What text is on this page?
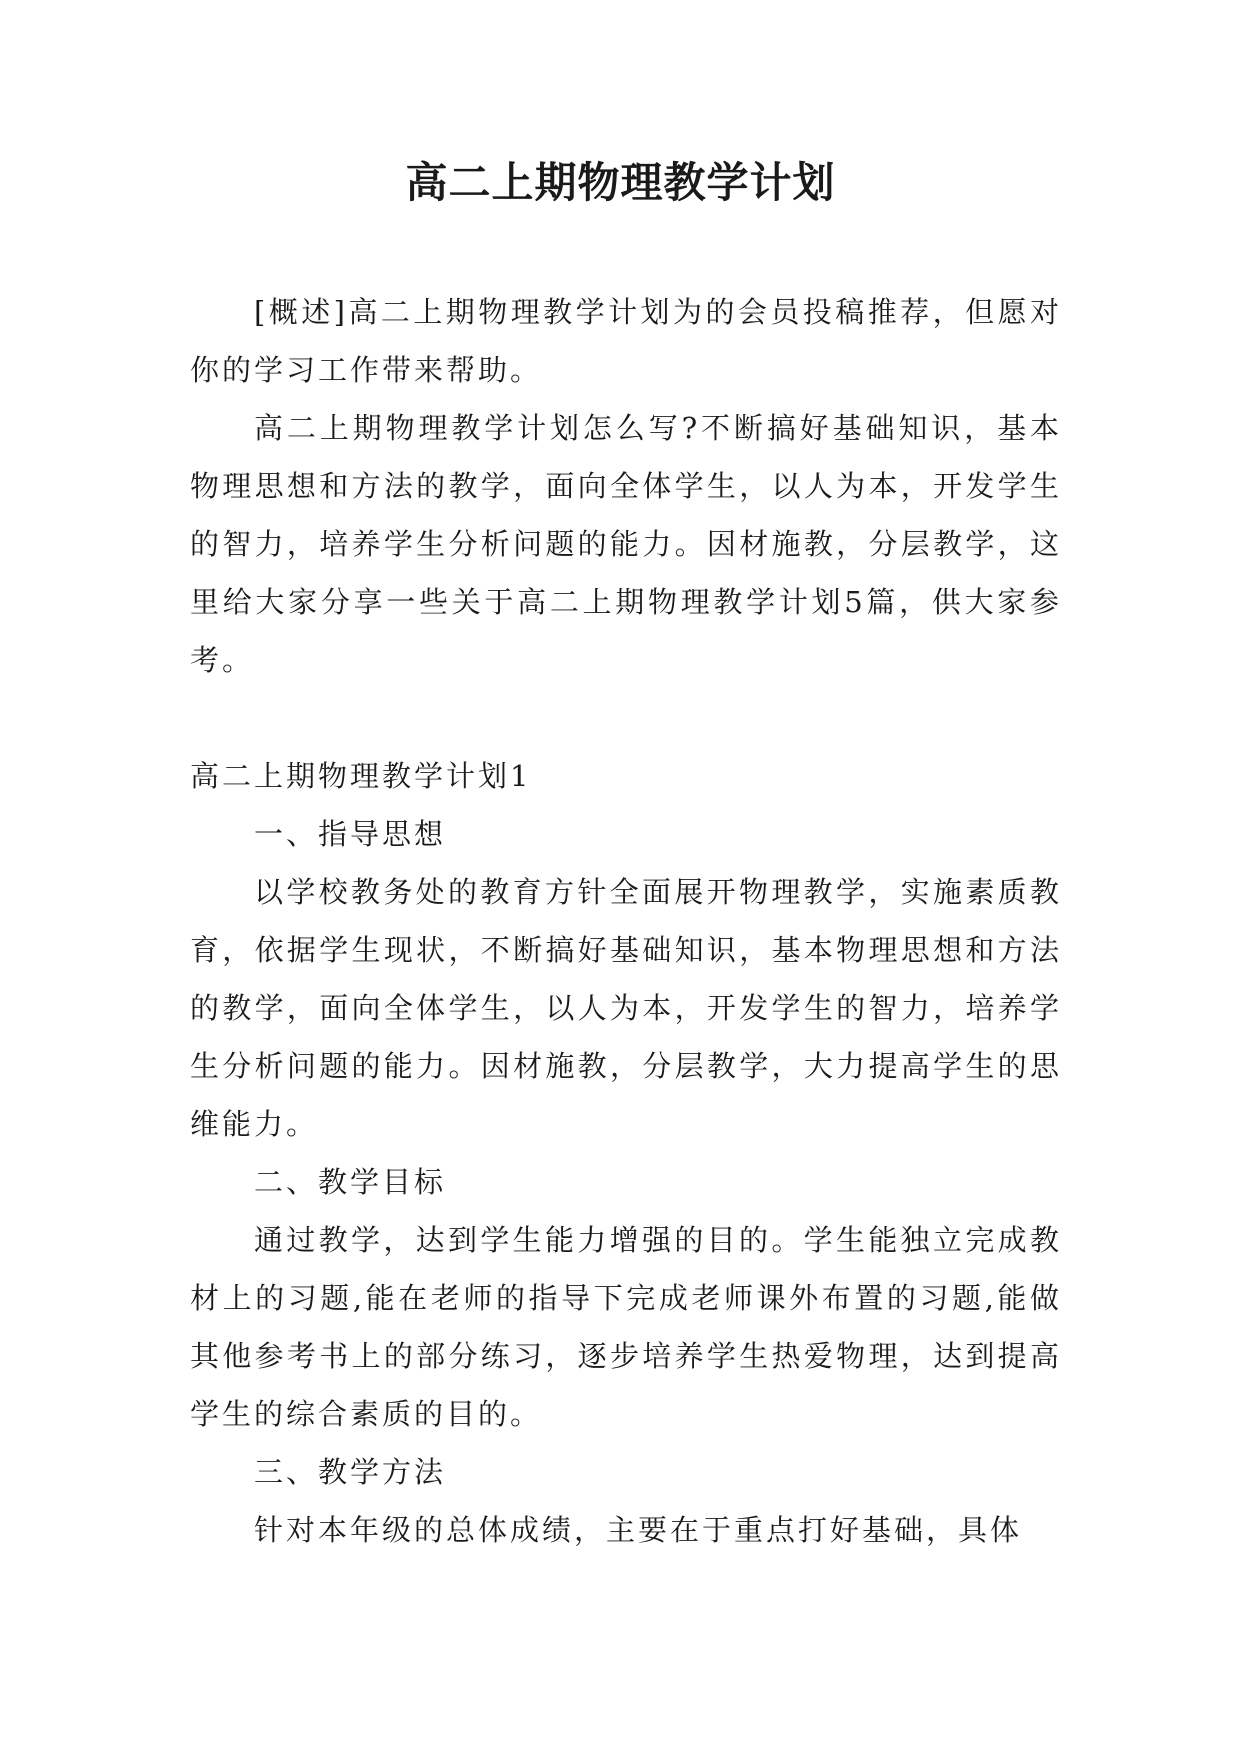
高二上期物理教学计划

[概述]高二上期物理教学计划为的会员投稿推荐，但愿对你的学习工作带来帮助。

高二上期物理教学计划怎么写?不断搞好基础知识，基本物理思想和方法的教学，面向全体学生，以人为本，开发学生的智力，培养学生分析问题的能力。因材施教，分层教学，这里给大家分享一些关于高二上期物理教学计划5篇，供大家参考。

高二上期物理教学计划1

一、指导思想

以学校教务处的教育方针全面展开物理教学，实施素质教育，依据学生现状，不断搞好基础知识，基本物理思想和方法的教学，面向全体学生，以人为本，开发学生的智力，培养学生分析问题的能力。因材施教，分层教学，大力提高学生的思维能力。

二、教学目标

通过教学，达到学生能力增强的目的。学生能独立完成教材上的习题,能在老师的指导下完成老师课外布置的习题,能做其他参考书上的部分练习，逐步培养学生热爱物理，达到提高学生的综合素质的目的。

三、教学方法

针对本年级的总体成绩，主要在于重点打好基础，具体
